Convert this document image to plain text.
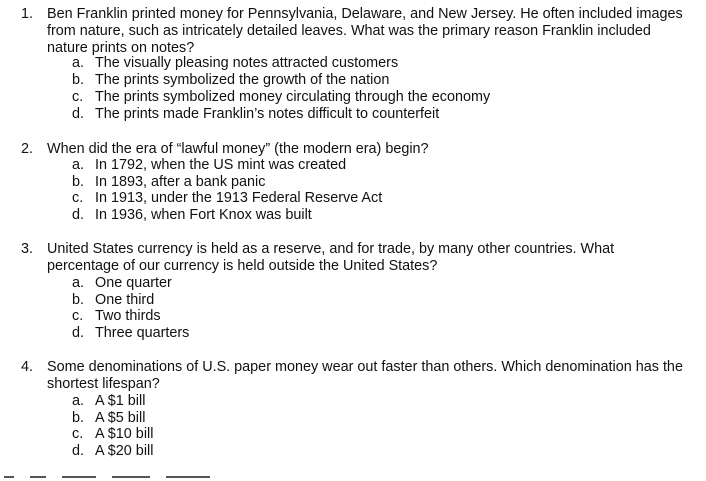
1. Ben Franklin printed money for Pennsylvania, Delaware, and New Jersey. He often included images from nature, such as intricately detailed leaves. What was the primary reason Franklin included nature prints on notes?
a. The visually pleasing notes attracted customers
b. The prints symbolized the growth of the nation
c. The prints symbolized money circulating through the economy
d. The prints made Franklin’s notes difficult to counterfeit
2. When did the era of “lawful money” (the modern era) begin?
a. In 1792, when the US mint was created
b. In 1893, after a bank panic
c. In 1913, under the 1913 Federal Reserve Act
d. In 1936, when Fort Knox was built
3. United States currency is held as a reserve, and for trade, by many other countries. What percentage of our currency is held outside the United States?
a. One quarter
b. One third
c. Two thirds
d. Three quarters
4. Some denominations of U.S. paper money wear out faster than others. Which denomination has the shortest lifespan?
a. A $1 bill
b. A $5 bill
c. A $10 bill
d. A $20 bill
